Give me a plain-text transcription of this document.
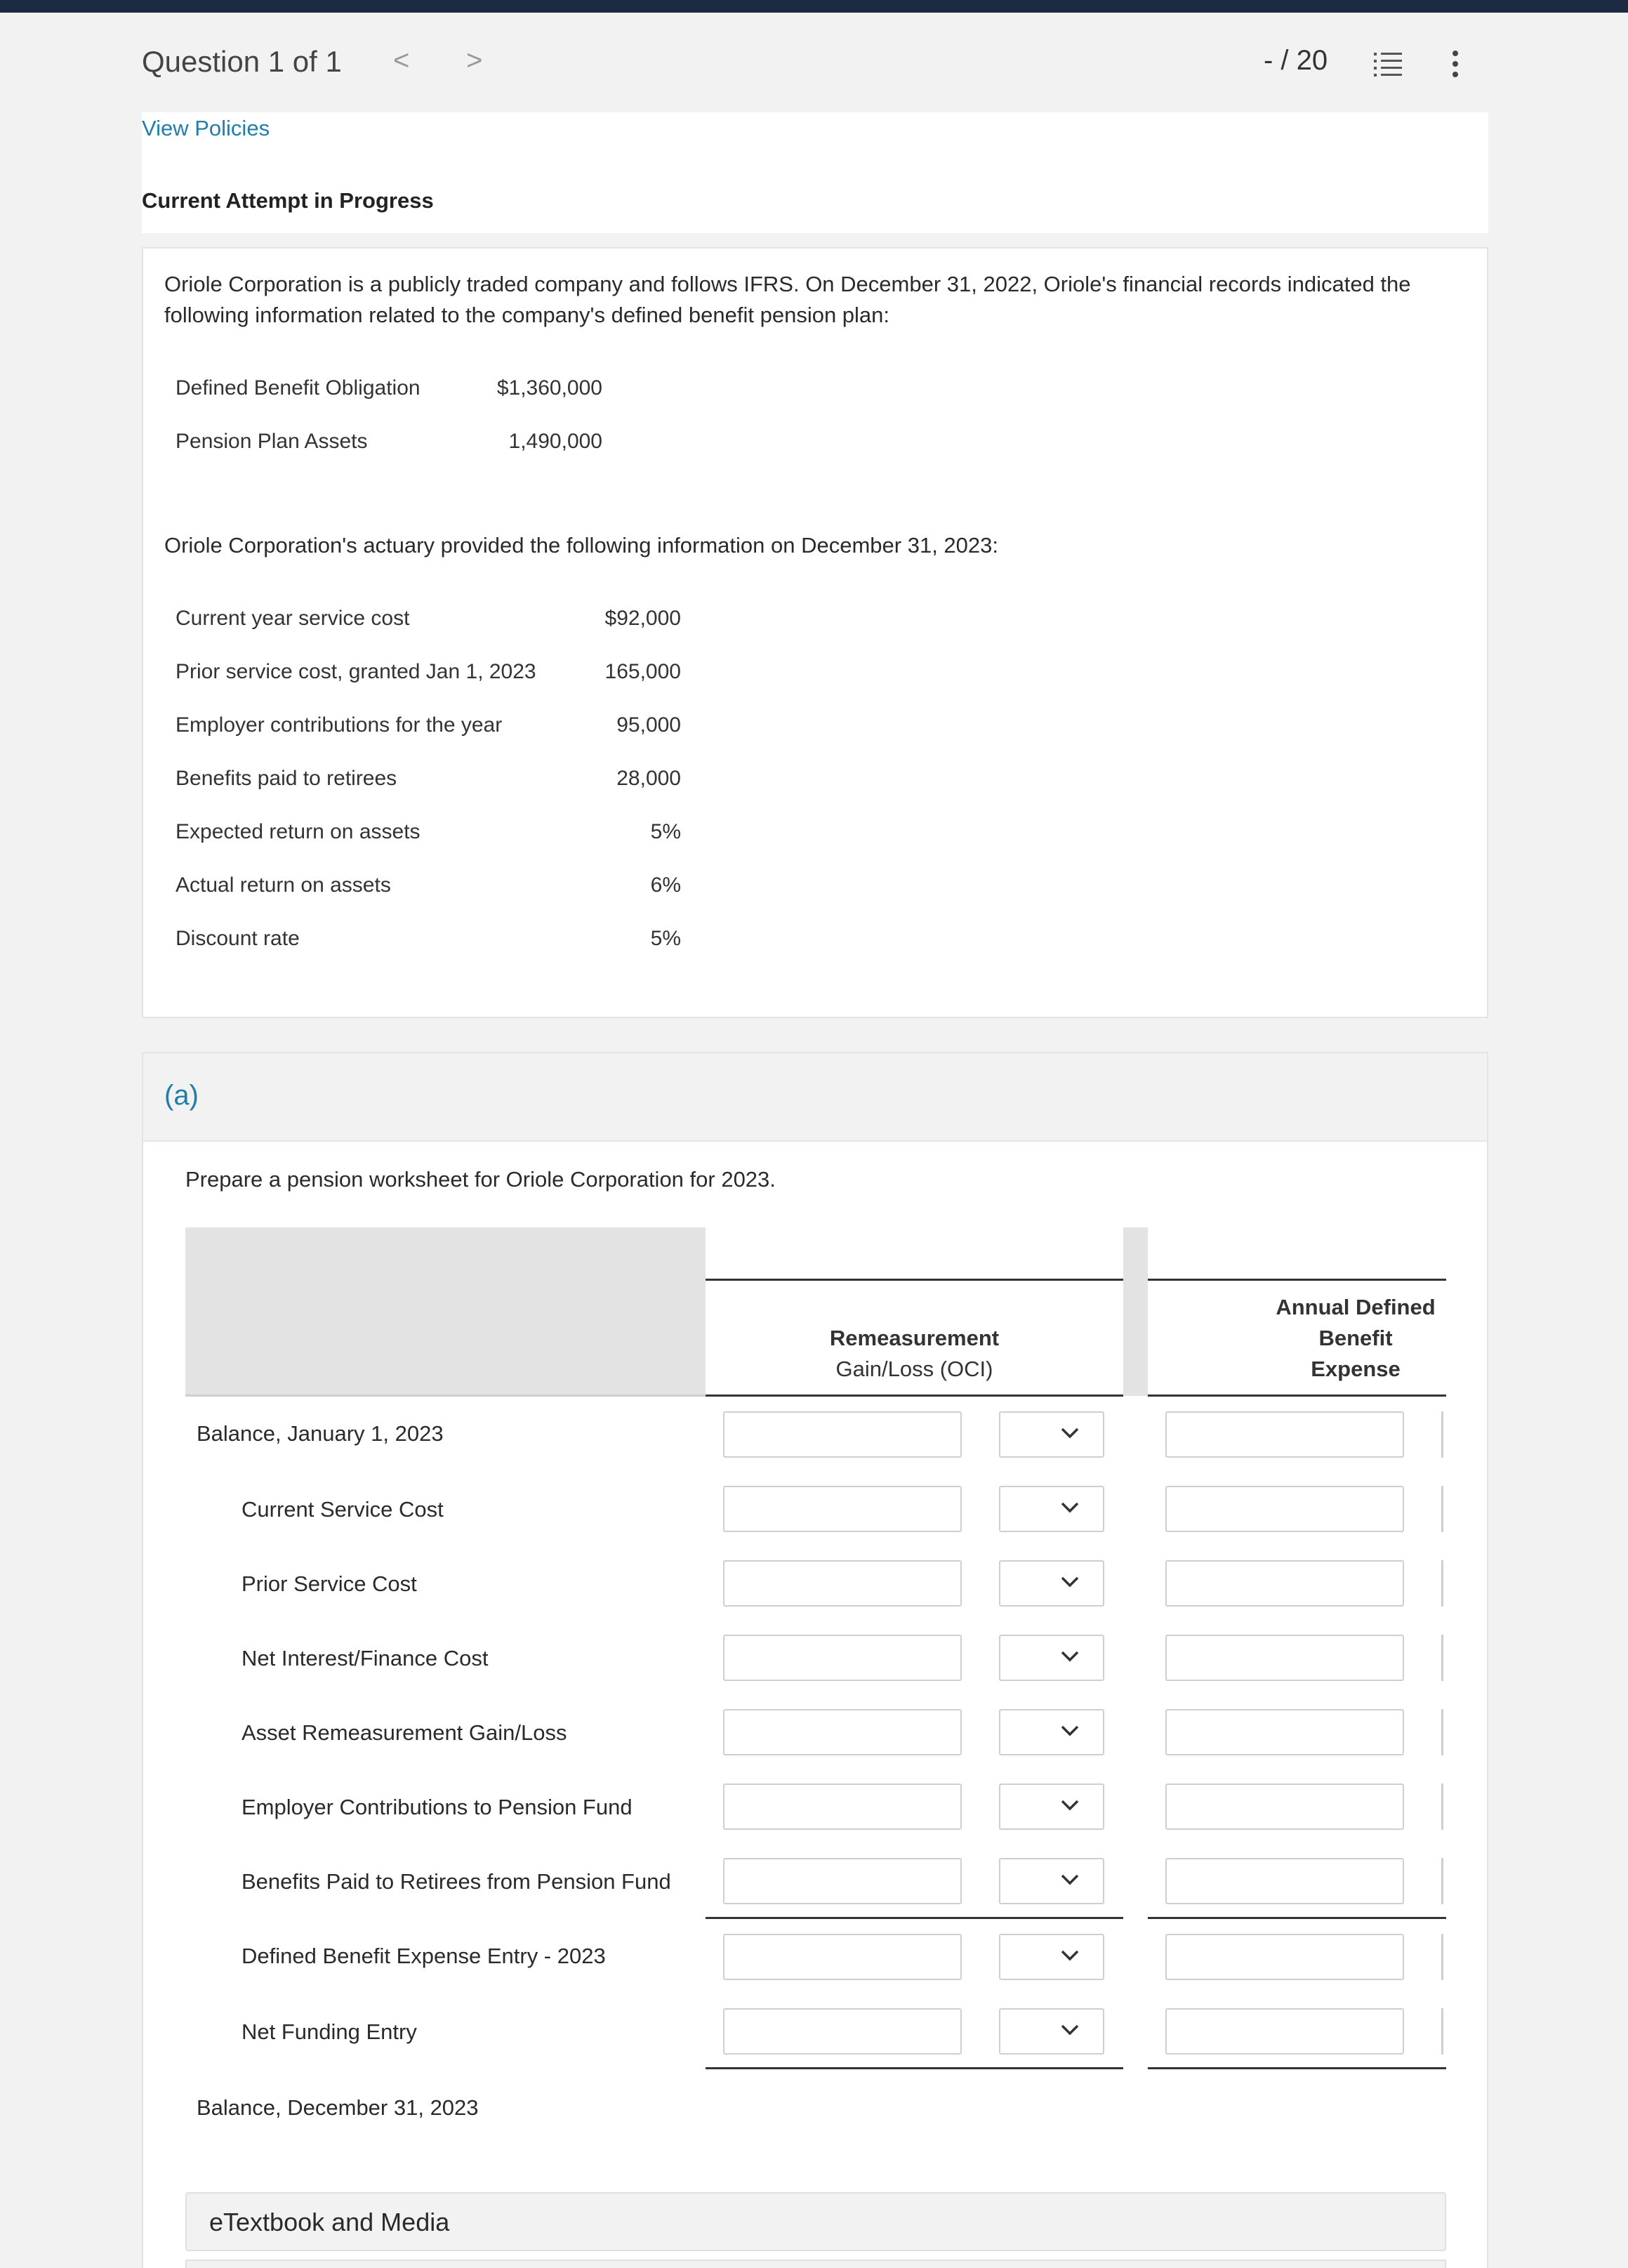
Question 1 of 1 < >	- / 20
View Policies
Current Attempt in Progress
Oriole Corporation is a publicly traded company and follows IFRS. On December 31, 2022, Oriole's financial records indicated the following information related to the company's defined benefit pension plan:
Defined Benefit Obligation	$1,360,000
Pension Plan Assets	1,490,000
Oriole Corporation's actuary provided the following information on December 31, 2023:
Current year service cost	$92,000
Prior service cost, granted Jan 1, 2023	165,000
Employer contributions for the year	95,000
Benefits paid to retirees	28,000
Expected return on assets	5%
Actual return on assets	6%
Discount rate	5%
(a)
Prepare a pension worksheet for Oriole Corporation for 2023.
Remeasurement
Gain/Loss (OCI)
Annual Defined
Benefit
Expense
Balance, January 1, 2023
Current Service Cost
Prior Service Cost
Net Interest/Finance Cost
Asset Remeasurement Gain/Loss
Employer Contributions to Pension Fund
Benefits Paid to Retirees from Pension Fund
Defined Benefit Expense Entry - 2023
Net Funding Entry
Balance, December 31, 2023
eTextbook and Media
